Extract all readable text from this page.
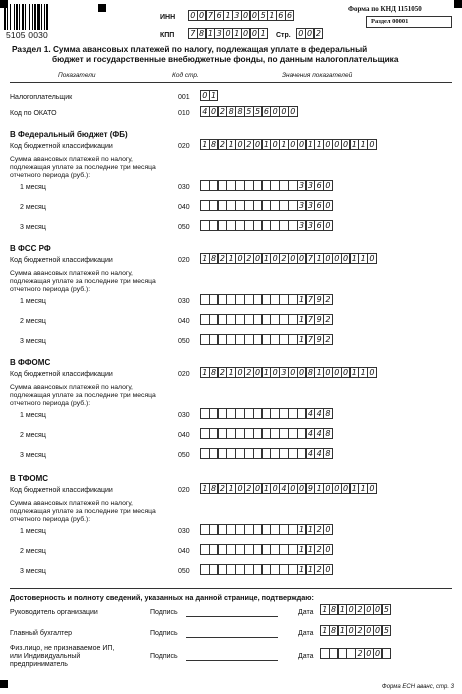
5105 0030
ИНН 0 0 7 6 1 3 0 0 5 1 6 6
КПП 7 8 1 3 0 1 0 0 1	Стр. 0 0 2
Форма по КНД 1151050
Раздел 00001
Раздел 1. Сумма авансовых платежей по налогу, подлежащая уплате в федеральный
бюджет и государственные внебюджетные фонды, по данным налогоплательщика
Показатели	Код стр.	Значения показателей
Налогоплательщик	001 0 1
Код по ОКАТО	010 4 0 2 8 8 5 5 6 0 0 0
В Федеральный бюджет (ФБ)
Код бюджетной классификации	020 1 8 2 1 0 2 0 1 0 1 0 0 1 1 0 0 0 1 1 0
Сумма авансовых платежей по налогу, подлежащая уплате за последние три месяца отчетного периода (руб.):
1 месяц	030	3 3 6 0
2 месяц	040	3 3 6 0
3 месяц	050	3 3 6 0
В ФСС РФ
Код бюджетной классификации	020 1 8 2 1 0 2 0 1 0 2 0 0 7 1 0 0 0 1 1 0
Сумма авансовых платежей по налогу, подлежащая уплате за последние три месяца отчетного периода (руб.):
1 месяц	030	1 7 9 2
2 месяц	040	1 7 9 2
3 месяц	050	1 7 9 2
В ФФОМС
Код бюджетной классификации	020 1 8 2 1 0 2 0 1 0 3 0 0 8 1 0 0 0 1 1 0
Сумма авансовых платежей по налогу, подлежащая уплате за последние три месяца отчетного периода (руб.):
1 месяц	030	4 4 8
2 месяц	040	4 4 8
3 месяц	050	4 4 8
В ТФОМС
Код бюджетной классификации	020 1 8 2 1 0 2 0 1 0 4 0 0 9 1 0 0 0 1 1 0
Сумма авансовых платежей по налогу, подлежащая уплате за последние три месяца отчетного периода (руб.):
1 месяц	030	1 1 2 0
2 месяц	040	1 1 2 0
3 месяц	050	1 1 2 0
Достоверность и полноту сведений, указанных на данной странице, подтверждаю:
Руководитель организации	Подпись	Дата 1 8 1 0 2 0 0 5
Главный бухгалтер	Подпись	Дата 1 8 1 0 2 0 0 5
Физ.лицо, не признаваемое ИП,
или Индивидуальный
предприниматель
Подпись	Дата	2 0 0
Форма ЕСН аванс, стр. 3
